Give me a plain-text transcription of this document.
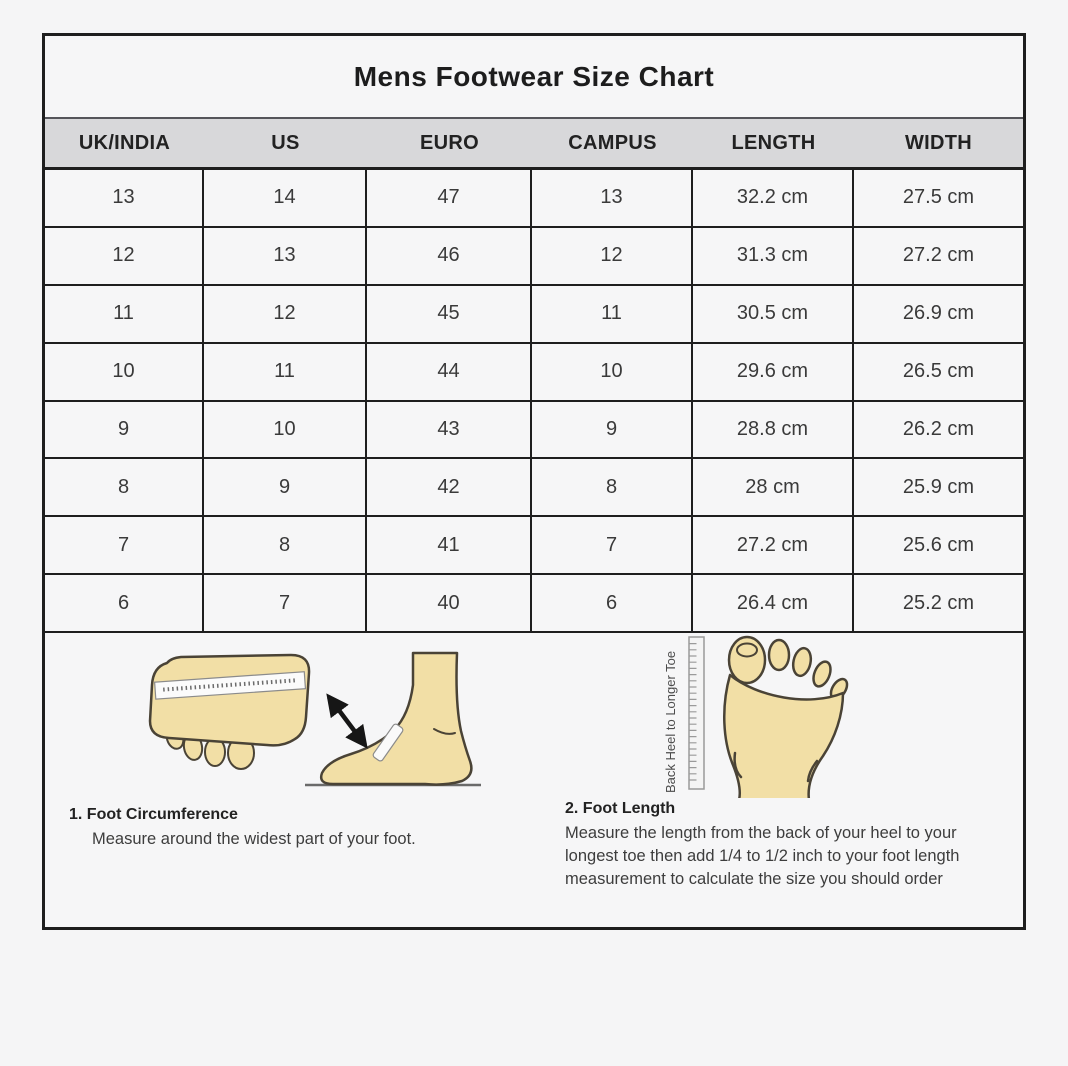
Mens Footwear Size Chart
UK/INDIA	US	EURO	CAMPUS	LENGTH	WIDTH
13	14	47	13	32.2 cm	27.5 cm
12	13	46	12	31.3 cm	27.2 cm
11	12	45	11	30.5 cm	26.9 cm
10	11	44	10	29.6 cm	26.5 cm
9	10	43	9	28.8 cm	26.2 cm
8	9	42	8	28 cm	25.9 cm
7	8	41	7	27.2 cm	25.6 cm
6	7	40	6	26.4 cm	25.2 cm
Back Heel to Longer Toe
1. Foot Circumference
Measure around the widest part of your foot.
2. Foot Length
Measure the length from the back of your heel to your longest toe then add 1/4 to 1/2 inch to your foot length measurement to calculate the size you should order
